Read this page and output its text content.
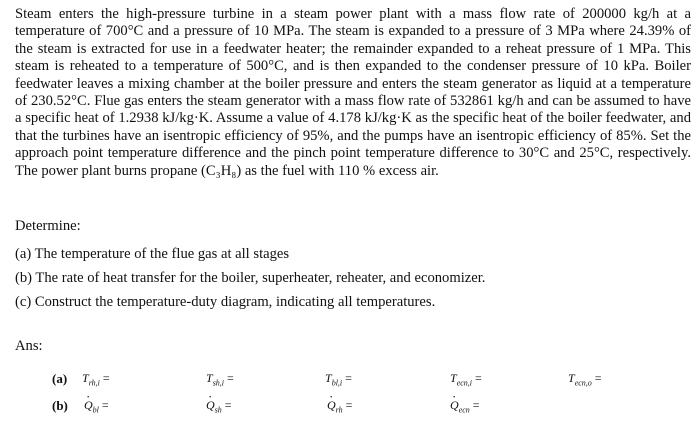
Steam enters the high-pressure turbine in a steam power plant with a mass flow rate of 200000 kg/h at a temperature of 700°C and a pressure of 10 MPa. The steam is expanded to a pressure of 3 MPa where 24.39% of the steam is extracted for use in a feedwater heater; the remainder expanded to a reheat pressure of 1 MPa. This steam is reheated to a temperature of 500°C, and is then expanded to the condenser pressure of 10 kPa. Boiler feedwater leaves a mixing chamber at the boiler pressure and enters the steam generator as liquid at a temperature of 230.52°C. Flue gas enters the steam generator with a mass flow rate of 532861 kg/h and can be assumed to have a specific heat of 1.2938 kJ/kg·K. Assume a value of 4.178 kJ/kg·K as the specific heat of the boiler feedwater, and that the turbines have an isentropic efficiency of 95%, and the pumps have an isentropic efficiency of 85%. Set the approach point temperature difference and the pinch point temperature difference to 30°C and 25°C, respectively. The power plant burns propane (C₃H₈) as the fuel with 110 % excess air.

Determine:
(a) The temperature of the flue gas at all stages
(b) The rate of heat transfer for the boiler, superheater, reheater, and economizer.
(c) Construct the temperature-duty diagram, indicating all temperatures.
Ans:
(a) $T_{rh,i}$ =	$T_{sh,i}$ =	$T_{bl,i}$ =	$T_{ecn,i}$ =	$T_{ecn,o}$ =
(b)
· $Q_{bl}$ =
·	$Q_{sh}$ =
·	$Q_{rh}$ =
·	$Q_{ecn}$ =
